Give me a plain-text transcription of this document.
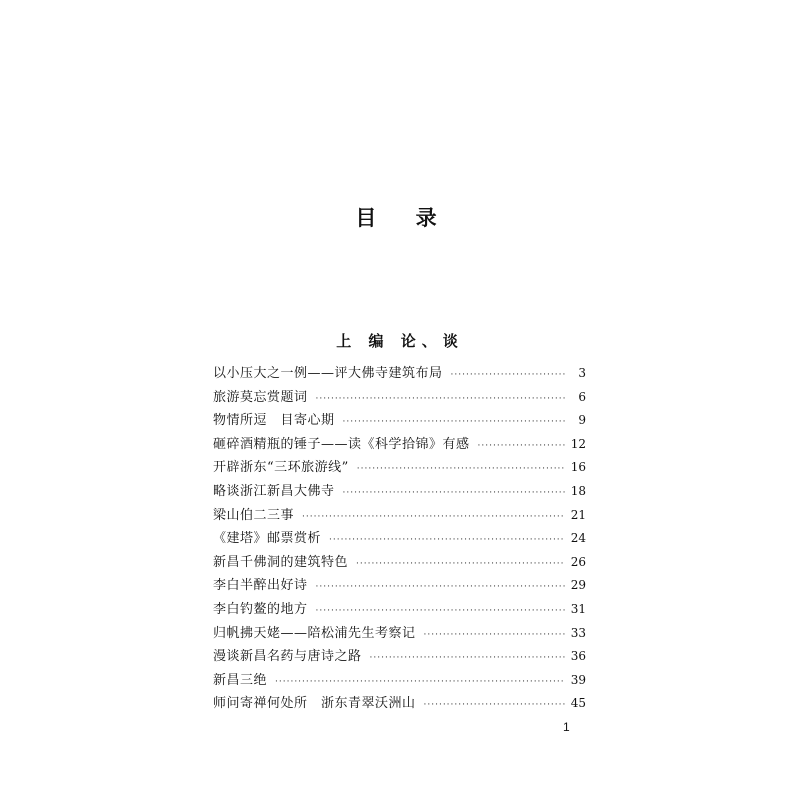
目 录
上 编 论、谈
以小压大之一例——评大佛寺建筑布局 ·····	3
旅游莫忘赏题词 ·····	6
物情所逗　目寄心期 ·····	9
砸碎酒精瓶的锤子——读《科学拾锦》有感 ·····	12
开辟浙东“三环旅游线” ·····	16
略谈浙江新昌大佛寺 ·····	18
梁山伯二三事 ·····	21
《建塔》邮票赏析 ·····	24
新昌千佛洞的建筑特色 ·····	26
李白半醉出好诗 ·····	29
李白钓鳌的地方 ·····	31
归帆拂天姥——陪松浦先生考察记 ·····	33
漫谈新昌名药与唐诗之路 ·····	36
新昌三绝 ·····	39
师问寄禅何处所　浙东青翠沃洲山 ·····	45
1
